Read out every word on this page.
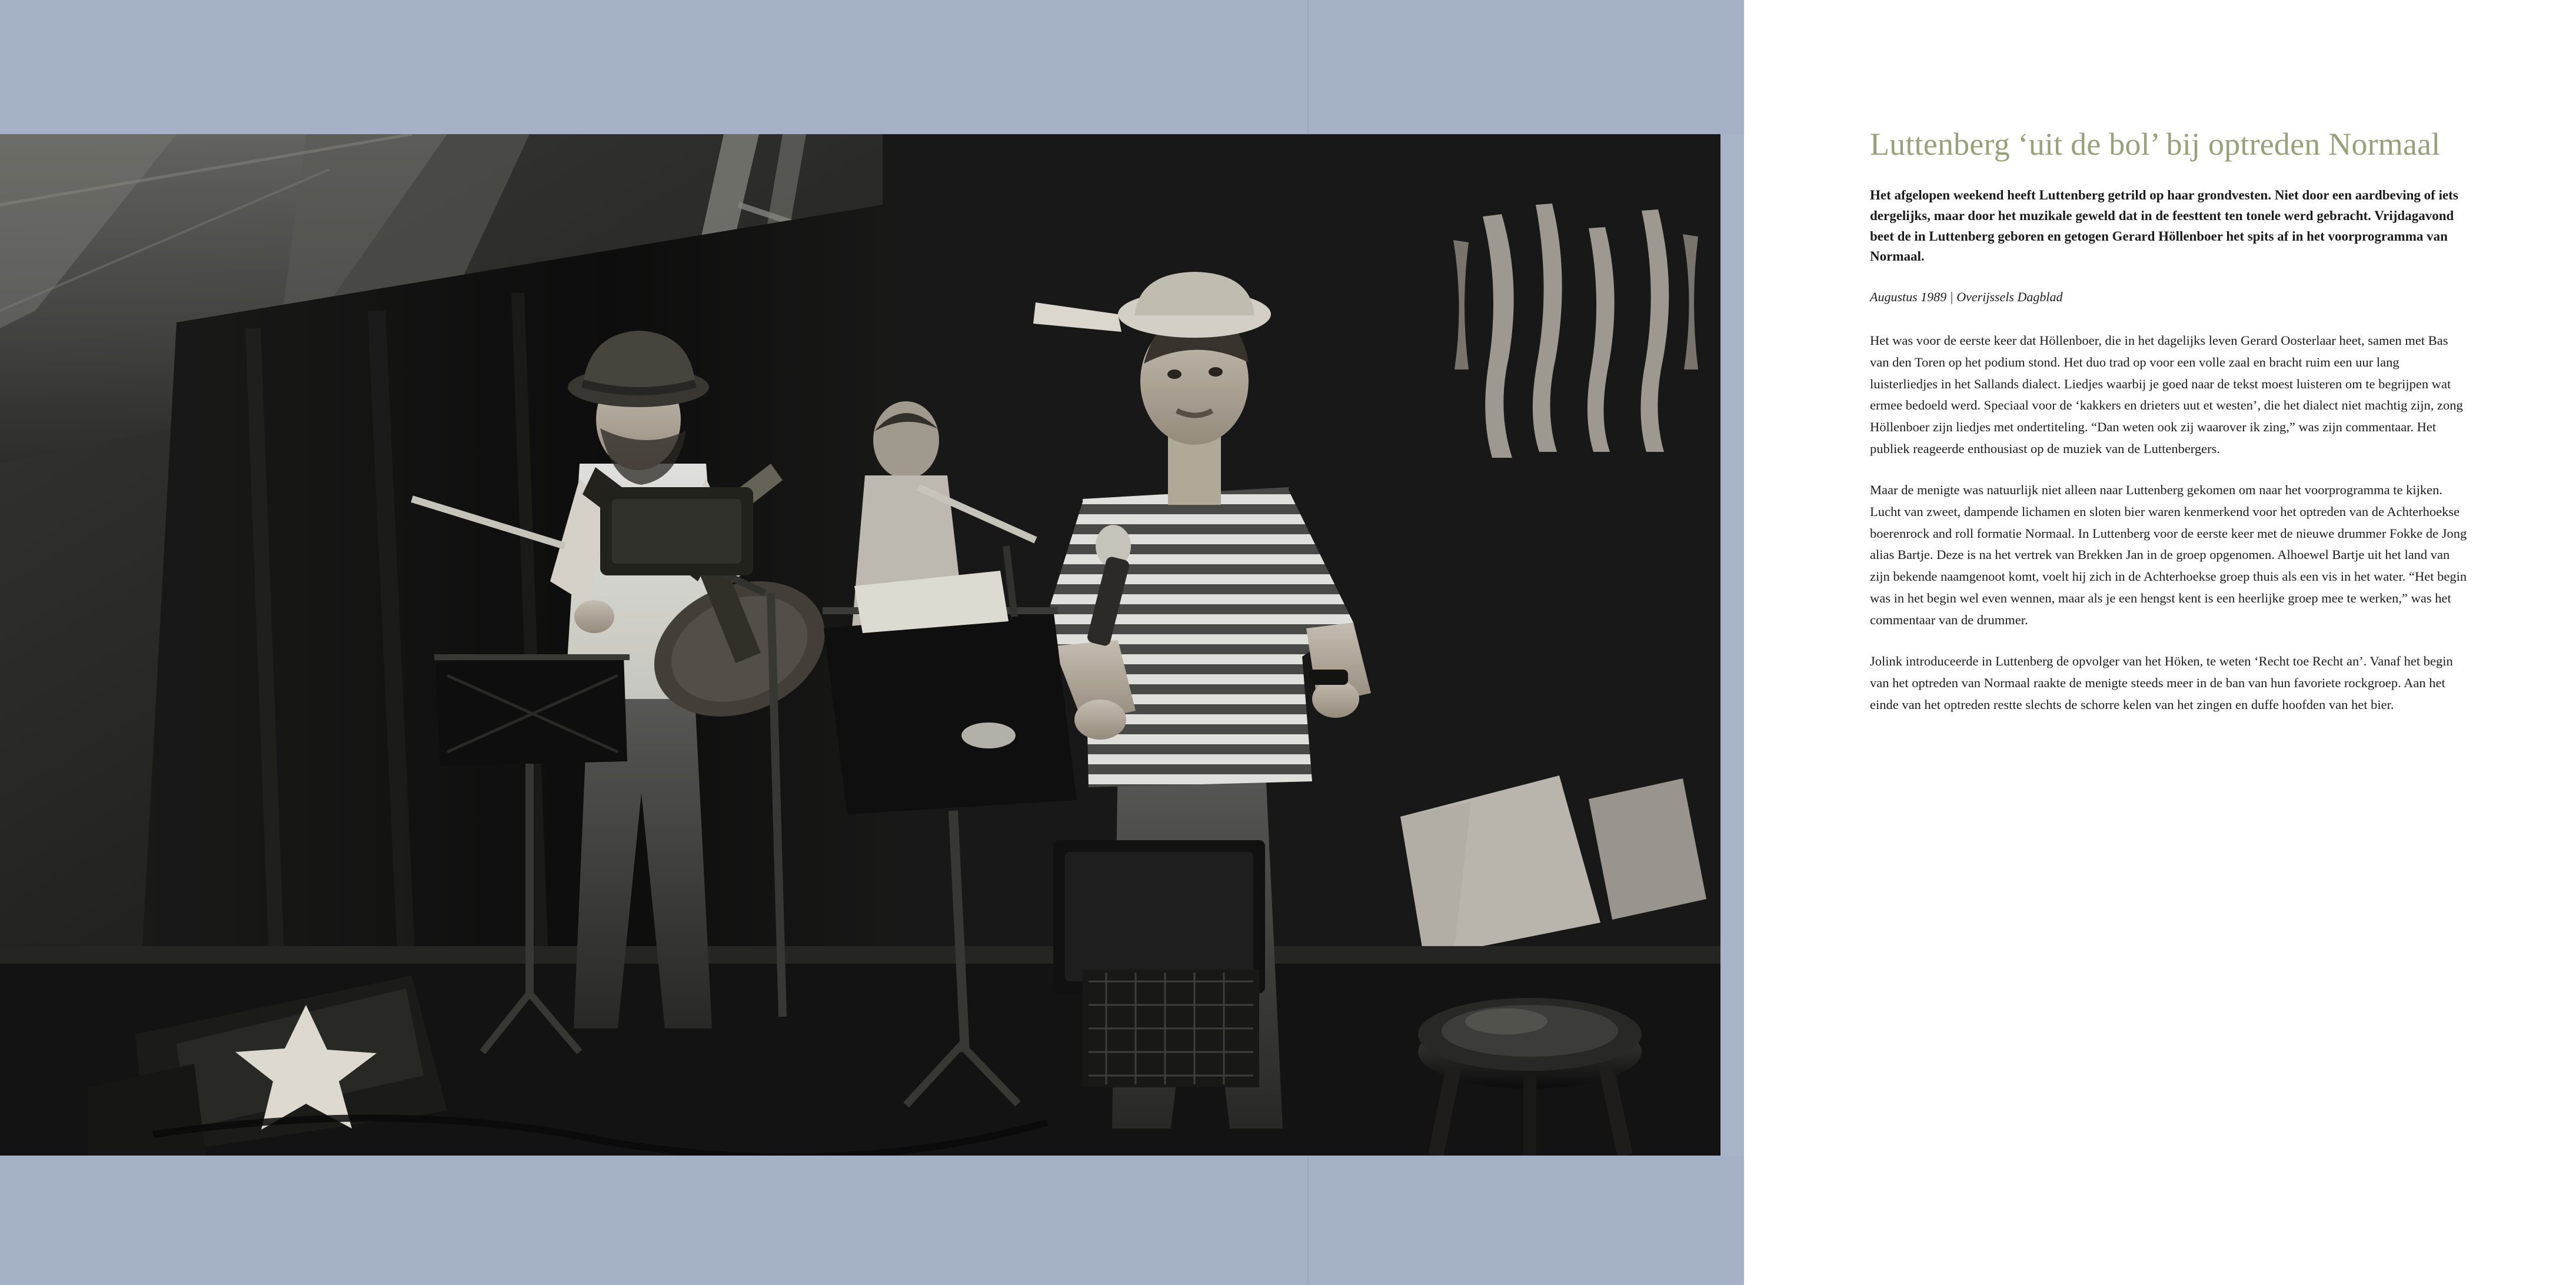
Luttenberg ‘uit de bol’ bij optreden Normaal

Het afgelopen weekend heeft Luttenberg getrild op haar grondvesten. Niet door een aardbeving of iets dergelijks, maar door het muzikale geweld dat in de feesttent ten tonele werd gebracht. Vrijdagavond beet de in Luttenberg geboren en getogen Gerard Höllenboer het spits af in het voorprogramma van Normaal.

Augustus 1989 | Overijssels Dagblad

Het was voor de eerste keer dat Höllenboer, die in het dagelijks leven Gerard Oosterlaar heet, samen met Bas van den Toren op het podium stond. Het duo trad op voor een volle zaal en bracht ruim een uur lang luisterliedjes in het Sallands dialect. Liedjes waarbij je goed naar de tekst moest luisteren om te begrijpen wat ermee bedoeld werd. Speciaal voor de ‘kakkers en drieters uut et westen’, die het dialect niet machtig zijn, zong Höllenboer zijn liedjes met ondertiteling. “Dan weten ook zij waarover ik zing,” was zijn commentaar. Het publiek reageerde enthousiast op de muziek van de Luttenbergers.

Maar de menigte was natuurlijk niet alleen naar Luttenberg gekomen om naar het voorprogramma te kijken. Lucht van zweet, dampende lichamen en sloten bier waren kenmerkend voor het optreden van de Achterhoekse boerenrock and roll formatie Normaal. In Luttenberg voor de eerste keer met de nieuwe drummer Fokke de Jong alias Bartje. Deze is na het vertrek van Brekken Jan in de groep opgenomen. Alhoewel Bartje uit het land van zijn bekende naamgenoot komt, voelt hij zich in de Achterhoekse groep thuis als een vis in het water. “Het begin was in het begin wel even wennen, maar als je een hengst kent is een heerlijke groep mee te werken,” was het commentaar van de drummer.

Jolink introduceerde in Luttenberg de opvolger van het Höken, te weten ‘Recht toe Recht an’. Vanaf het begin van het optreden van Normaal raakte de menigte steeds meer in de ban van hun favoriete rockgroep. Aan het einde van het optreden restte slechts de schorre kelen van het zingen en duffe hoofden van het bier.
